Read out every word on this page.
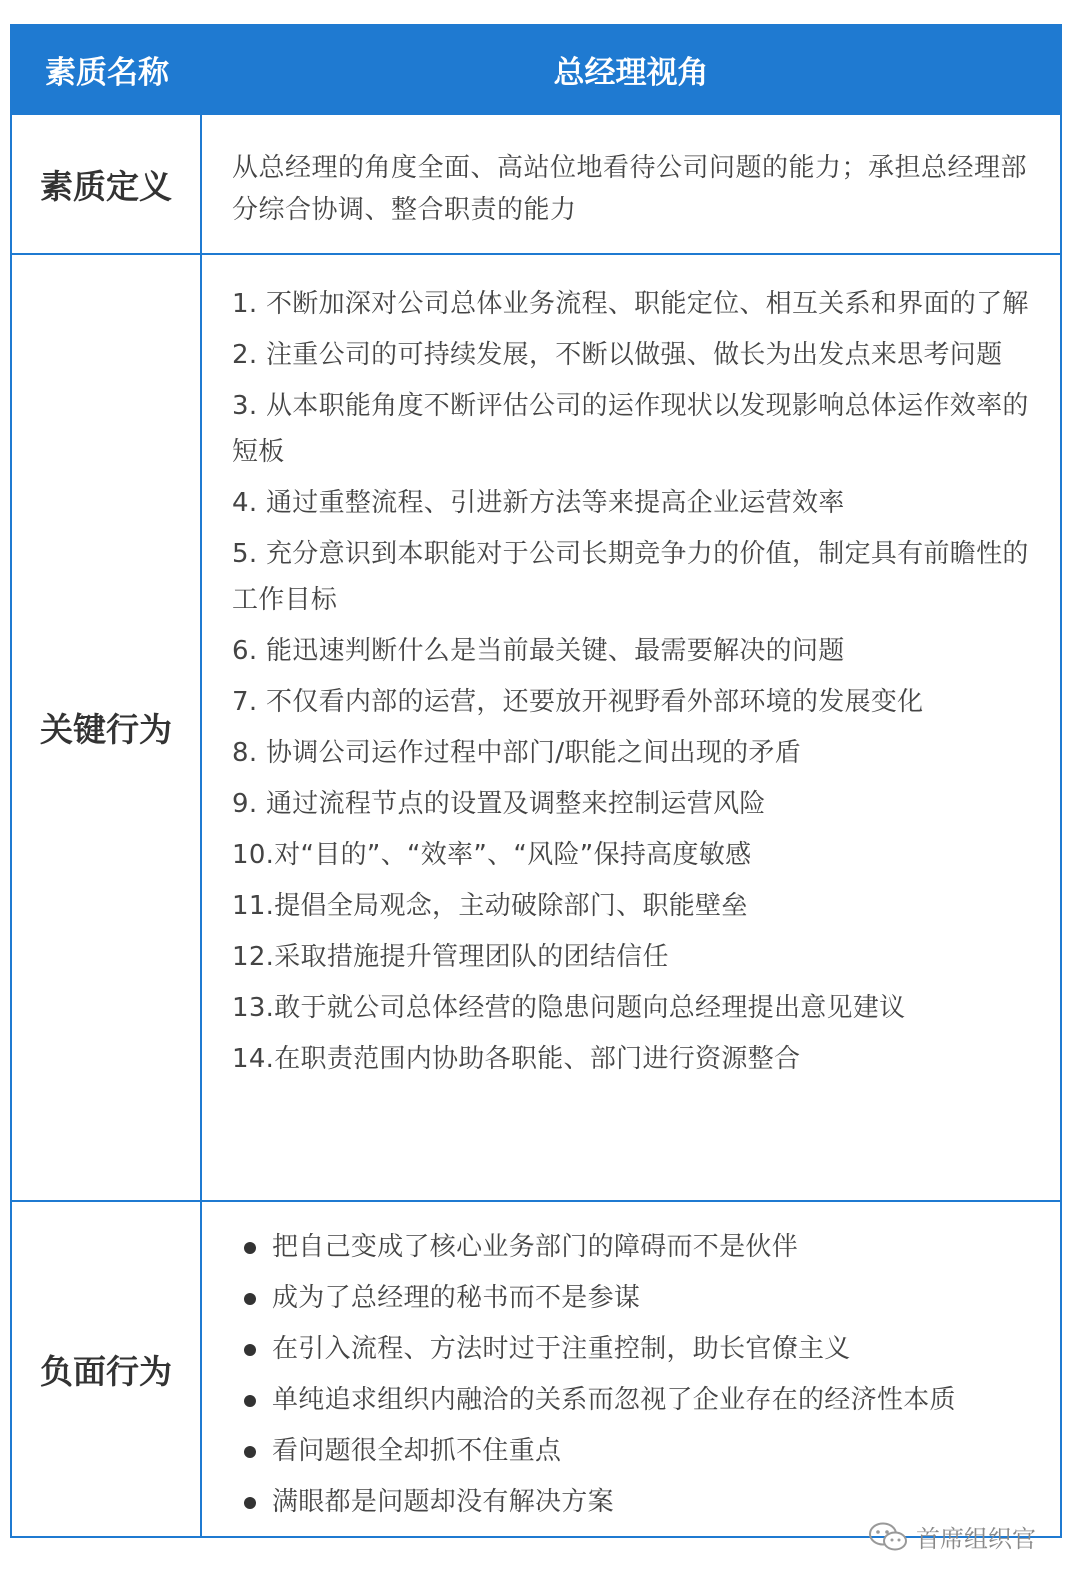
素质名称	总经理视角
素质定义	从总经理的角度全面、高站位地看待公司问题的能力；承担总经理部分综合协调、整合职责的能力
关键行为
1. 不断加深对公司总体业务流程、职能定位、相互关系和界面的了解
2. 注重公司的可持续发展，不断以做强、做长为出发点来思考问题
3. 从本职能角度不断评估公司的运作现状以发现影响总体运作效率的短板
4. 通过重整流程、引进新方法等来提高企业运营效率
5. 充分意识到本职能对于公司长期竞争力的价值，制定具有前瞻性的工作目标
6. 能迅速判断什么是当前最关键、最需要解决的问题
7. 不仅看内部的运营，还要放开视野看外部环境的发展变化
8. 协调公司运作过程中部门/职能之间出现的矛盾
9. 通过流程节点的设置及调整来控制运营风险
10.对“目的”、“效率”、“风险”保持高度敏感
11.提倡全局观念，主动破除部门、职能壁垒
12.采取措施提升管理团队的团结信任
13.敢于就公司总体经营的隐患问题向总经理提出意见建议
14.在职责范围内协助各职能、部门进行资源整合
负面行为
把自己变成了核心业务部门的障碍而不是伙伴
成为了总经理的秘书而不是参谋
在引入流程、方法时过于注重控制，助长官僚主义
单纯追求组织内融洽的关系而忽视了企业存在的经济性本质
看问题很全却抓不住重点
满眼都是问题却没有解决方案
首席组织官
